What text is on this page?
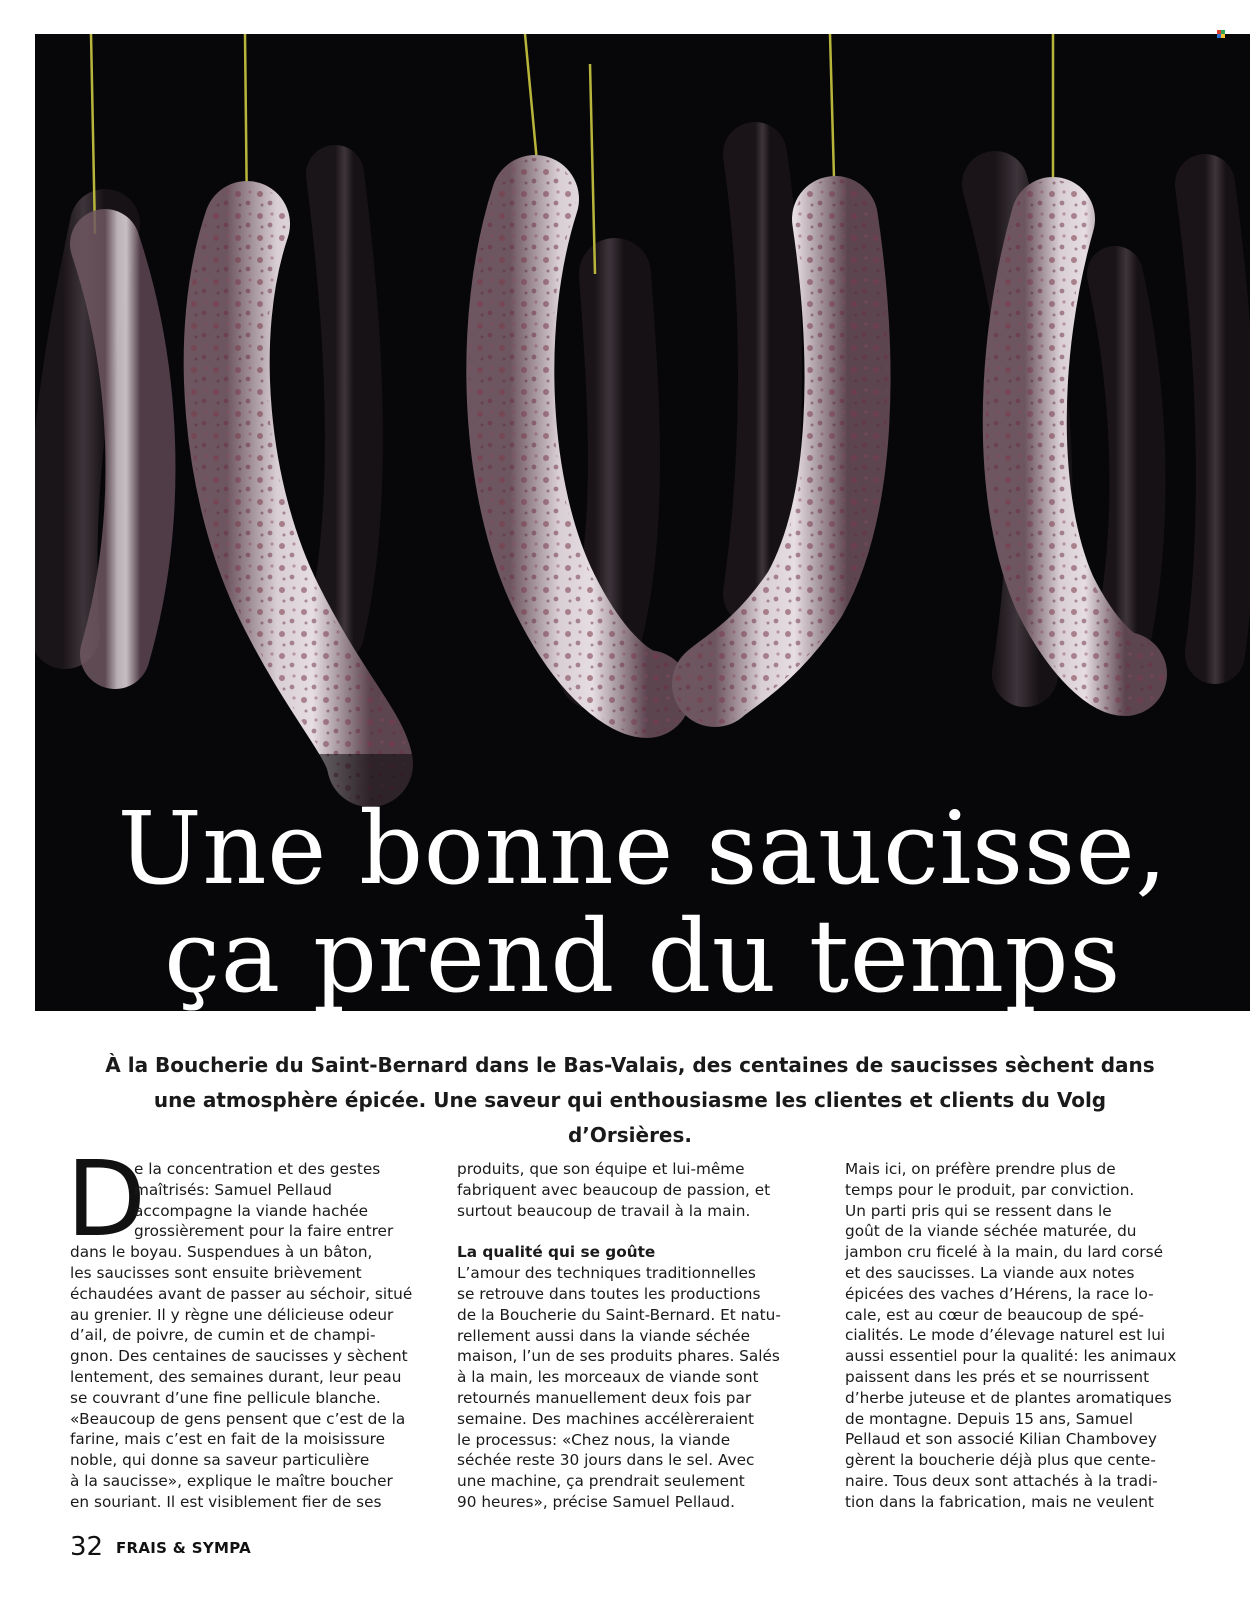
Une bonne saucisse,

ça prend du temps

À la Boucherie du Saint-Bernard dans le Bas-Valais, des centaines de saucisses sèchent dans une atmosphère épicée. Une saveur qui enthousiasme les clientes et clients du Volg d’Orsières.

D

e la concentration et des gestes

maîtrisés: Samuel Pellaud

accompagne la viande hachée

grossièrement pour la faire entrer

dans le boyau. Suspendues à un bâton,

les saucisses sont ensuite brièvement

échaudées avant de passer au séchoir, situé

au grenier. Il y règne une délicieuse odeur

d’ail, de poivre, de cumin et de champi-

gnon. Des centaines de saucisses y sèchent

lentement, des semaines durant, leur peau

se couvrant d’une fine pellicule blanche.

«Beaucoup de gens pensent que c’est de la

farine, mais c’est en fait de la moisissure

noble, qui donne sa saveur particulière

à la saucisse», explique le maître boucher

en souriant. Il est visiblement fier de ses

produits, que son équipe et lui-même

fabriquent avec beaucoup de passion, et

surtout beaucoup de travail à la main.

La qualité qui se goûte

L’amour des techniques traditionnelles

se retrouve dans toutes les productions

de la Boucherie du Saint-Bernard. Et natu-

rellement aussi dans la viande séchée

maison, l’un de ses produits phares. Salés

à la main, les morceaux de viande sont

retournés manuellement deux fois par

semaine. Des machines accélèreraient

le processus: «Chez nous, la viande

séchée reste 30 jours dans le sel. Avec

une machine, ça prendrait seulement

90 heures», précise Samuel Pellaud.

Mais ici, on préfère prendre plus de

temps pour le produit, par conviction.

Un parti pris qui se ressent dans le

goût de la viande séchée maturée, du

jambon cru ficelé à la main, du lard corsé

et des saucisses. La viande aux notes

épicées des vaches d’Hérens, la race lo-

cale, est au cœur de beaucoup de spé-

cialités. Le mode d’élevage naturel est lui

aussi essentiel pour la qualité: les animaux

paissent dans les prés et se nourrissent

d’herbe juteuse et de plantes aromatiques

de montagne. Depuis 15 ans, Samuel

Pellaud et son associé Kilian Chambovey

gèrent la boucherie déjà plus que cente-

naire. Tous deux sont attachés à la tradi-

tion dans la fabrication, mais ne veulent

32 FRAIS & SYMPA
